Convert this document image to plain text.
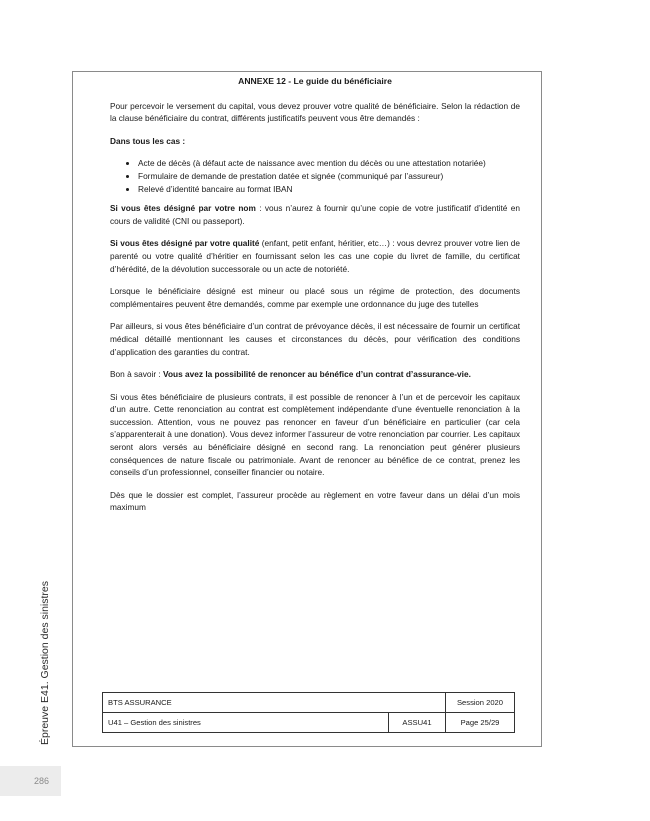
ANNEXE 12 - Le guide du bénéficiaire

Pour percevoir le versement du capital, vous devez prouver votre qualité de bénéficiaire. Selon la rédaction de la clause bénéficiaire du contrat, différents justificatifs peuvent vous être demandés :

Dans tous les cas :
• Acte de décès (à défaut acte de naissance avec mention du décès ou une attestation notariée)
• Formulaire de demande de prestation datée et signée (communiqué par l’assureur)
• Relevé d’identité bancaire au format IBAN

Si vous êtes désigné par votre nom : vous n’aurez à fournir qu’une copie de votre justificatif d’identité en cours de validité (CNI ou passeport).

Si vous êtes désigné par votre qualité (enfant, petit enfant, héritier, etc…) : vous devrez prouver votre lien de parenté ou votre qualité d’héritier en fournissant selon les cas une copie du livret de famille, du certificat d’hérédité, de la dévolution successorale ou un acte de notoriété.

Lorsque le bénéficiaire désigné est mineur ou placé sous un régime de protection, des documents complémentaires peuvent être demandés, comme par exemple une ordonnance du juge des tutelles

Par ailleurs, si vous êtes bénéficiaire d’un contrat de prévoyance décès, il est nécessaire de fournir un certificat médical détaillé mentionnant les causes et circonstances du décès, pour vérification des conditions d’application des garanties du contrat.

Bon à savoir : Vous avez la possibilité de renoncer au bénéfice d’un contrat d’assurance-vie.

Si vous êtes bénéficiaire de plusieurs contrats, il est possible de renoncer à l’un et de percevoir les capitaux d’un autre. Cette renonciation au contrat est complètement indépendante d’une éventuelle renonciation à la succession. Attention, vous ne pouvez pas renoncer en faveur d’un bénéficiaire en particulier (car cela s’apparenterait à une donation). Vous devez informer l’assureur de votre renonciation par courrier. Les capitaux seront alors versés au bénéficiaire désigné en second rang. La renonciation peut générer plusieurs conséquences de nature fiscale ou patrimoniale. Avant de renoncer au bénéfice de ce contrat, prenez les conseils d’un professionnel, conseiller financier ou notaire.

Dès que le dossier est complet, l’assureur procède au règlement en votre faveur dans un délai d’un mois maximum

BTS ASSURANCE		Session 2020
U41 – Gestion des sinistres	ASSU41	Page 25/29
Épreuve E41. Gestion des sinistres
286
